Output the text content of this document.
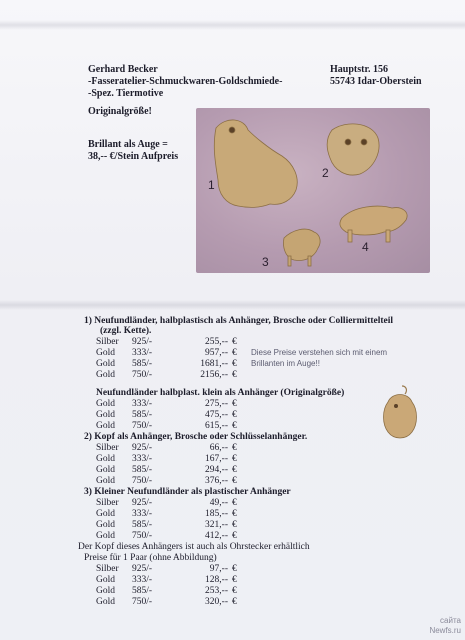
Gerhard Becker
-Fasseratelier-Schmuckwaren-Goldschmiede-
-Spez. Tiermotive
Hauptstr. 156
55743 Idar-Oberstein
Originalgröße!
Brillant als Auge =
38,-- €/Stein Aufpreis
1
2
3
4
1) Neufundländer, halbplastisch als Anhänger, Brosche oder Colliermittelteil
(zzgl. Kette).
Silber 925/-	255,-- €
Gold 333/-	957,-- €
Gold 585/-	1681,-- €
Gold 750/-	2156,-- €
Diese Preise verstehen sich mit einem
Brillanten im Auge!!
Neufundländer halbplast. klein als Anhänger (Originalgröße)
Gold 333/-	275,-- €
Gold 585/-	475,-- €
Gold 750/-	615,-- €
2) Kopf als Anhänger, Brosche oder Schlüsselanhänger.
Silber 925/-	66,-- €
Gold 333/-	167,-- €
Gold 585/-	294,-- €
Gold 750/-	376,-- €
3) Kleiner Neufundländer als plastischer Anhänger
Silber 925/-	49,-- €
Gold 333/-	185,-- €
Gold 585/-	321,-- €
Gold 750/-	412,-- €
Der Kopf dieses Anhängers ist auch als Ohrstecker erhältlich
Preise für 1 Paar (ohne Abbildung)
Silber 925/-	97,-- €
Gold 333/-	128,-- €
Gold 585/-	253,-- €
Gold 750/-	320,-- €
сайта
Newfs.ru
